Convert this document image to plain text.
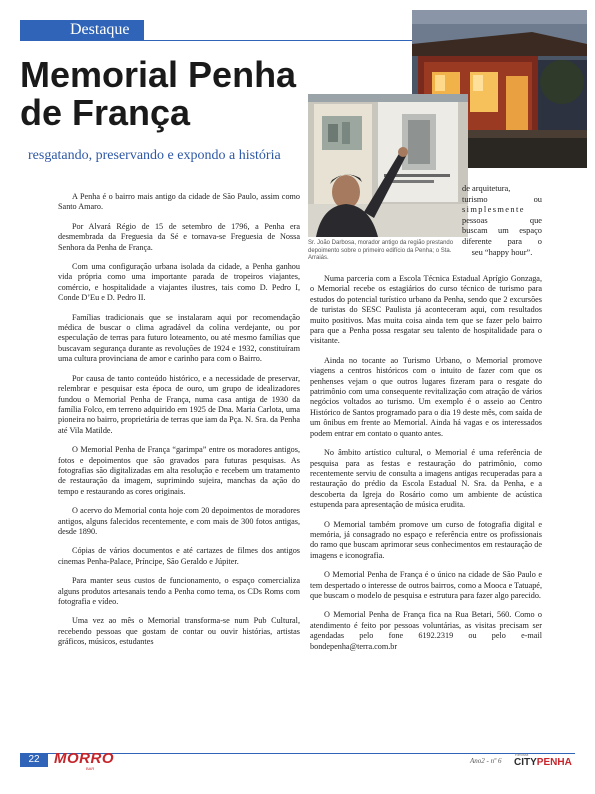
Destaque
Memorial Penha
de França
resgatando, preservando e expondo a história
Sr. João Darbosa, morador antigo da região prestando depoimento sobre o primeiro edifício da Penha; o Sta. Arraiás.

de arquitetura,

turismo ou

simplesmente

pessoas que

buscam um espaço

diferente para o

seu “happy hour”.

A Penha é o bairro mais antigo da cidade de São Paulo, assim como Santo Amaro.

Por Alvará Régio de 15 de setembro de 1796, a Penha era desmembrada da Freguesia da Sé e tornava-se Freguesia de Nossa Senhora da Penha de França.

Com uma configuração urbana isolada da cidade, a Penha ganhou vida própria como uma importante parada de tropeiros viajantes, comércio, e hospitalidade a viajantes ilustres, tais como D. Pedro I, Conde D’Eu e D. Pedro II.

Famílias tradicionais que se instalaram aqui por recomendação médica de buscar o clima agradável da colina verdejante, ou por especulação de terras para futuro loteamento, ou até mesmo famílias que buscavam segurança durante as revoluções de 1924 e 1932, constituíram uma cultura provinciana de amor e carinho para com o Bairro.

Por causa de tanto conteúdo histórico, e a necessidade de preservar, relembrar e pesquisar esta época de ouro, um grupo de idealizadores fundou o Memorial Penha de França, numa casa antiga de 1930 da família Folco, em terreno adquirido em 1925 de Dna. Maria Carlota, uma pioneira no bairro, proprietária de terras que iam da Pça. N. Sra. da Penha até Vila Matilde.

O Memorial Penha de França “garimpa” entre os moradores antigos, fotos e depoimentos que são gravados para futuras pesquisas. As fotografias são digitalizadas em alta resolução e recebem um tratamento de restauração da imagem, suprimindo sujeira, manchas da ação do tempo e restaurando as cores originais.

O acervo do Memorial conta hoje com 20 depoimentos de moradores antigos, alguns falecidos recentemente, e com mais de 300 fotos antigas, desde 1890.

Cópias de vários documentos e até cartazes de filmes dos antigos cinemas Penha-Palace, Príncipe, São Geraldo e Júpiter.

Para manter seus custos de funcionamento, o espaço comercializa alguns produtos artesanais tendo a Penha como tema, os CDs Roms com fotografia e vídeo.

Uma vez ao mês o Memorial transforma-se num Pub Cultural, recebendo pessoas que gostam de contar ou ouvir histórias, artistas gráficos, músicos, estudantes

Numa parceria com a Escola Técnica Estadual Aprígio Gonzaga, o Memorial recebe os estagiários do curso técnico de turismo para estudos do potencial turístico urbano da Penha, sendo que 2 excursões de turistas do SESC Paulista já aconteceram aqui, com resultados muito positivos. Mas muita coisa ainda tem que se fazer pelo bairro para que a Penha possa resgatar seu talento de hospitalidade para o visitante.

Ainda no tocante ao Turismo Urbano, o Memorial promove viagens a centros históricos com o intuito de fazer com que os penhenses vejam o que outros lugares fizeram para o resgate do patrimônio com uma consequente revitalização com atração de vários negócios voltados ao turismo. Um exemplo é o asseio ao Centro Histórico de Santos programado para o dia 19 deste mês, com saída de um ônibus em frente ao Memorial. Ainda há vagas e os interessados podem entrar em contato o quanto antes.

No âmbito artístico cultural, o Memorial é uma referência de pesquisa para as festas e restauração do patrimônio, como recentemente serviu de consulta a imagens antigas recuperadas para a restauração do prédio da Escola Estadual N. Sra. da Penha, e a descoberta da Igreja do Rosário como um ambiente de acústica estupenda para apresentação de música erudita.

O Memorial também promove um curso de fotografia digital e memória, já consagrado no espaço e referência entre os profissionais do ramo que buscam aprimorar seus conhecimentos em restauração de imagens e iconografia.

O Memorial Penha de França é o único na cidade de São Paulo e tem despertado o interesse de outros bairros, como a Mooca e Tatuapé, que buscam o modelo de pesquisa e estrutura para fazer algo parecido.

O Memorial Penha de França fica na Rua Betari, 560. Como o atendimento é feito por pessoas voluntárias, as visitas precisam ser agendadas pelo fone 6192.2319 ou pelo e-mail bondepenha@terra.com.br

22 MORRO
BAR
Ano2 - nº 6
Revista
CITYPENHA
